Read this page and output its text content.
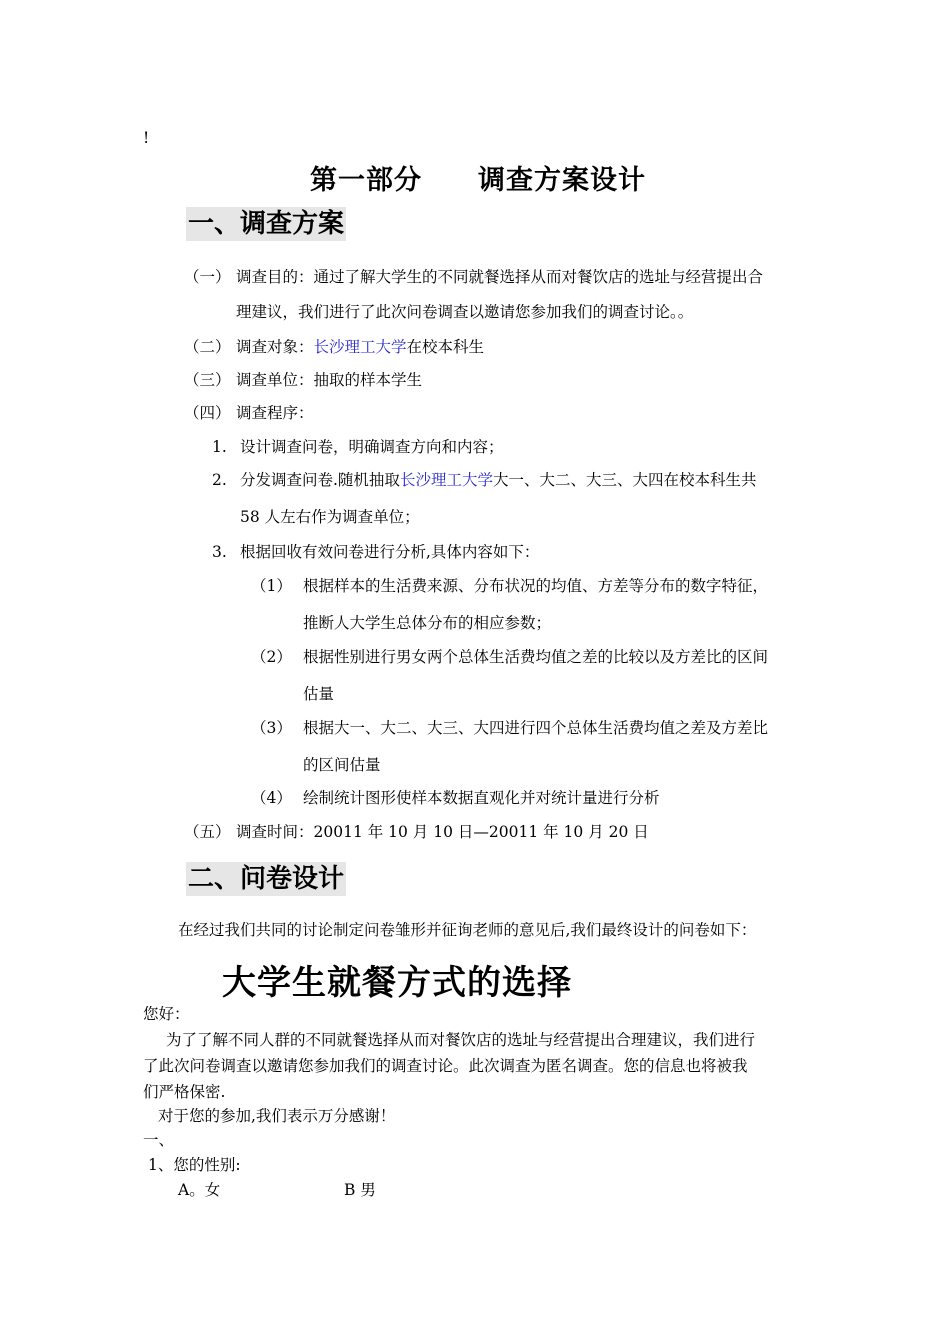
!
第一部分 调查方案设计
一、调查方案
（一） 调查目的：通过了解大学生的不同就餐选择从而对餐饮店的选址与经营提出合
理建议，我们进行了此次问卷调查以邀请您参加我们的调查讨论。。
（二） 调查对象：长沙理工大学在校本科生
（三） 调查单位：抽取的样本学生
（四） 调查程序：
1. 设计调查问卷，明确调查方向和内容；
2. 分发调查问卷.随机抽取长沙理工大学大一、大二、大三、大四在校本科生共
58 人左右作为调查单位；
3. 根据回收有效问卷进行分析,具体内容如下：
（1） 根据样本的生活费来源、分布状况的均值、方差等分布的数字特征，
推断人大学生总体分布的相应参数；
（2） 根据性别进行男女两个总体生活费均值之差的比较以及方差比的区间
估量
（3） 根据大一、大二、大三、大四进行四个总体生活费均值之差及方差比
的区间估量
（4） 绘制统计图形使样本数据直观化并对统计量进行分析
（五） 调查时间：20011 年 10 月 10 日—20011 年 10 月 20 日
二、问卷设计
在经过我们共同的讨论制定问卷雏形并征询老师的意见后,我们最终设计的问卷如下：
大学生就餐方式的选择
您好：
为了了解不同人群的不同就餐选择从而对餐饮店的选址与经营提出合理建议，我们进行
了此次问卷调查以邀请您参加我们的调查讨论。此次调查为匿名调查。您的信息也将被我
们严格保密.
对于您的参加,我们表示万分感谢！
一、
1、您的性别:
A。女	B 男
